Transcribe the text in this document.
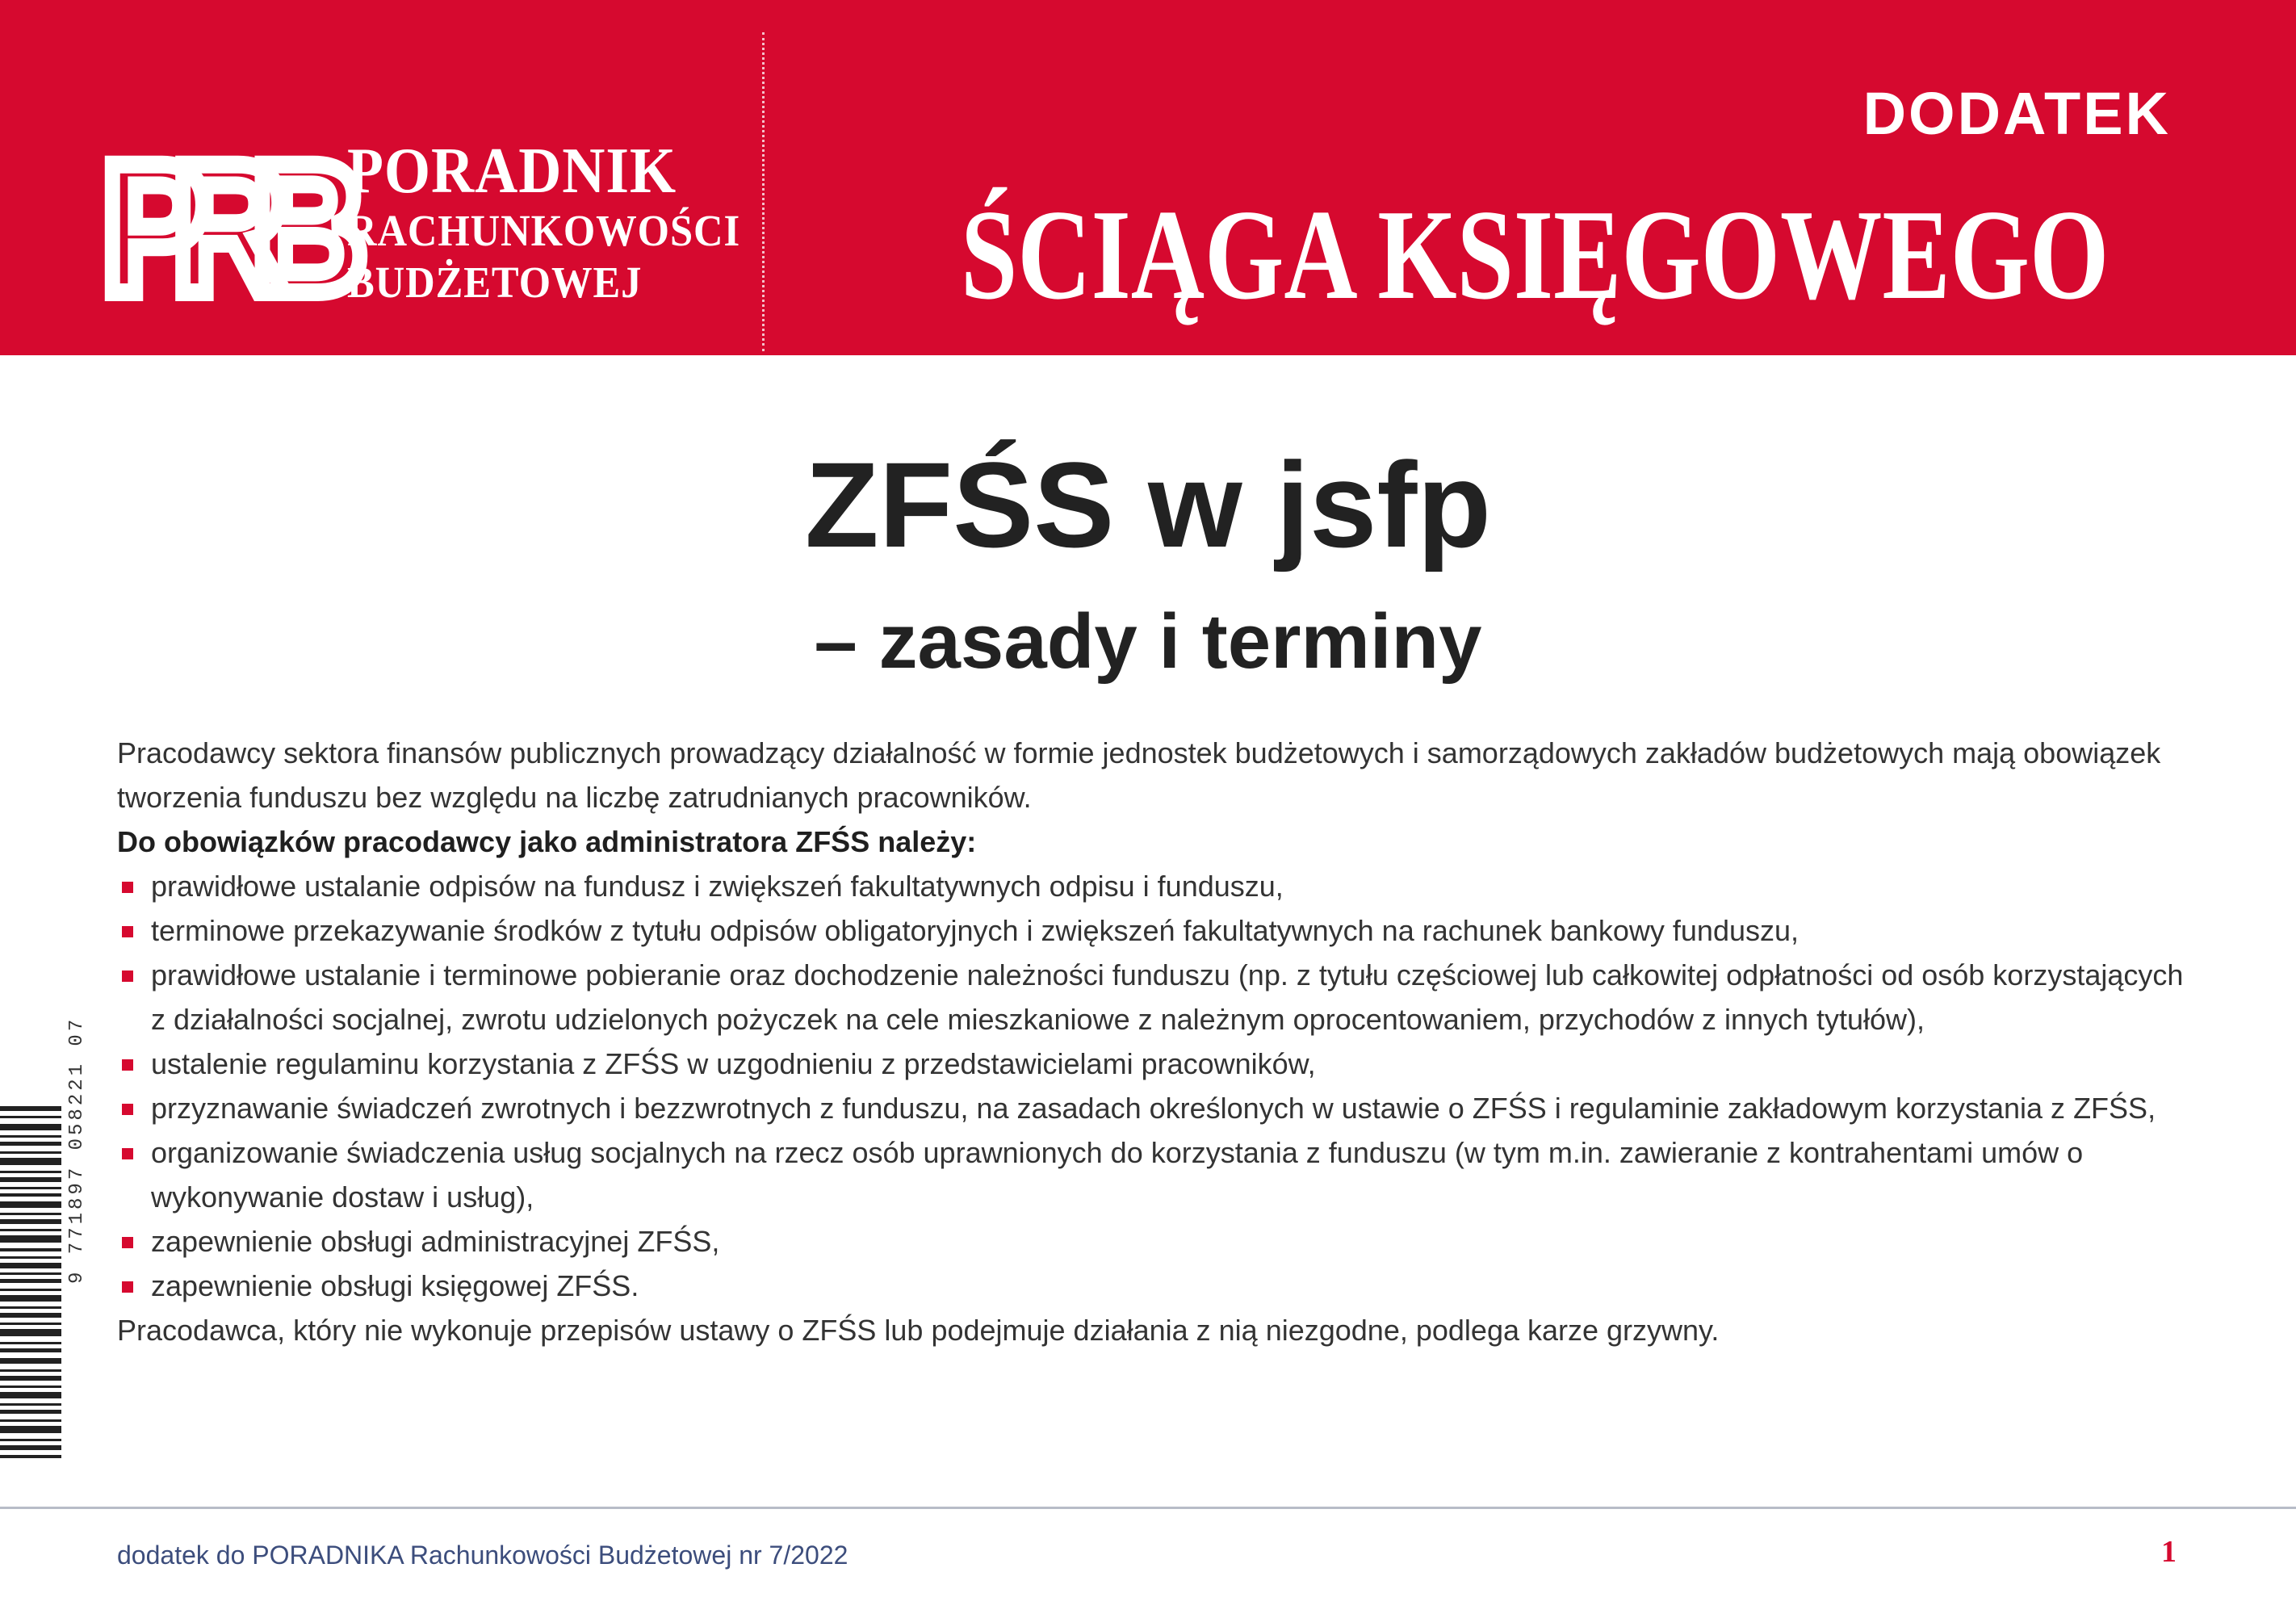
PRB
PORADNIK
RACHUNKOWOŚCI
BUDŻETOWEJ
DODATEK
ŚCIĄGA KSIĘGOWEGO
ZFŚS w jsfp
– zasady i terminy
Pracodawcy sektora finansów publicznych prowadzący działalność w formie jednostek budżetowych i samorządowych zakładów budżetowych mają obowiązek tworzenia funduszu bez względu na liczbę zatrudnianych pracowników.
Do obowiązków pracodawcy jako administratora ZFŚS należy:
prawidłowe ustalanie odpisów na fundusz i zwiększeń fakultatywnych odpisu i funduszu,
terminowe przekazywanie środków z tytułu odpisów obligatoryjnych i zwiększeń fakultatywnych na rachunek bankowy funduszu,
prawidłowe ustalanie i terminowe pobieranie oraz dochodzenie należności funduszu (np. z tytułu częściowej lub całkowitej odpłatności od osób korzystających z działalności socjalnej, zwrotu udzielonych pożyczek na cele mieszkaniowe z należnym oprocentowaniem, przychodów z innych tytułów),
ustalenie regulaminu korzystania z ZFŚS w uzgodnieniu z przedstawicielami pracowników,
przyznawanie świadczeń zwrotnych i bezzwrotnych z funduszu, na zasadach określonych w ustawie o ZFŚS i regulaminie zakładowym korzystania z ZFŚS,
organizowanie świadczenia usług socjalnych na rzecz osób uprawnionych do korzystania z funduszu (w tym m.in. zawieranie z kontrahentami umów o wykonywanie dostaw i usług),
zapewnienie obsługi administracyjnej ZFŚS,
zapewnienie obsługi księgowej ZFŚS.
Pracodawca, który nie wykonuje przepisów ustawy o ZFŚS lub podejmuje działania z nią niezgodne, podlega karze grzywny.
9 771897 058221 07
dodatek do PORADNIKA Rachunkowości Budżetowej nr 7/2022	1
